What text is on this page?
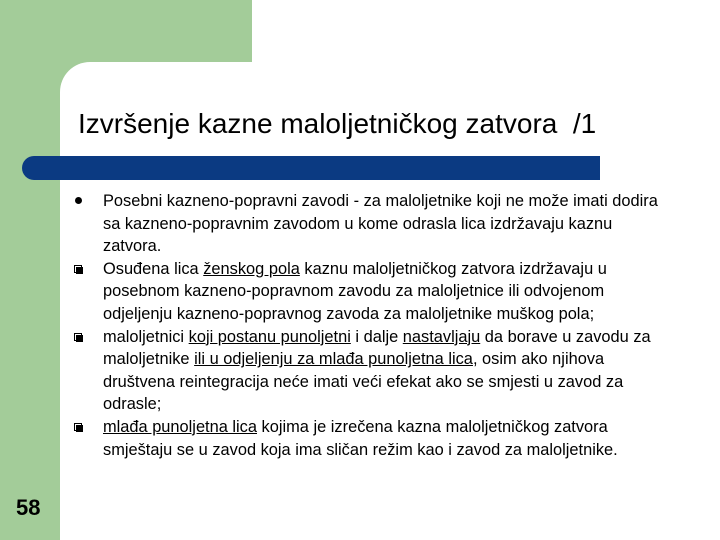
Izvršenje kazne maloljetničkog zatvora  /1
Posebni kazneno-popravni zavodi - za maloljetnike koji ne može imati dodira sa kazneno-popravnim zavodom u kome odrasla lica izdržavaju kaznu zatvora.
Osuđena lica ženskog pola kaznu maloljetničkog zatvora izdržavaju u posebnom kazneno-popravnom zavodu za maloljetnice ili odvojenom odjeljenju kazneno-popravnog zavoda za maloljetnike muškog pola;
maloljetnici koji postanu punoljetni i dalje nastavljaju da borave u zavodu za maloljetnike ili u odjeljenju za mlađa punoljetna lica, osim ako njihova društvena reintegracija neće imati veći efekat ako se smjesti u zavod za odrasle;
mlađa punoljetna lica kojima je izrečena kazna maloljetničkog zatvora smještaju se u zavod koja ima sličan režim kao i zavod za maloljetnike.
58
